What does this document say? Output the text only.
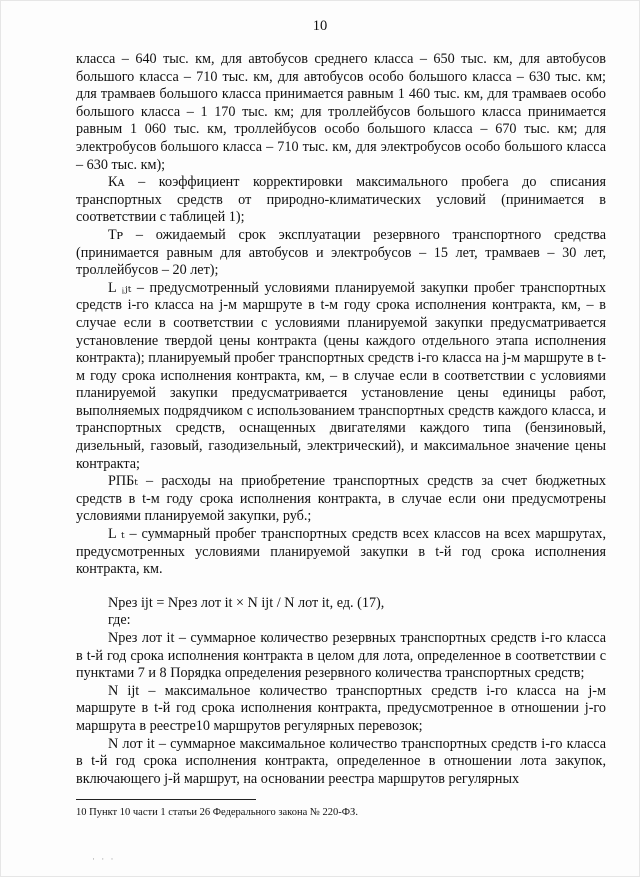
10

класса – 640 тыс. км, для автобусов среднего класса – 650 тыс. км, для автобусов большого класса – 710 тыс. км, для автобусов особо большого класса – 630 тыс. км; для трамваев большого класса принимается равным 1 460 тыс. км, для трамваев особо большого класса – 1 170 тыс. км; для троллейбусов большого класса принимается равным 1 060 тыс. км, троллейбусов особо большого класса – 670 тыс. км; для электробусов большого класса – 710 тыс. км, для электробусов особо большого класса – 630 тыс. км);

Кᴀ – коэффициент корректировки максимального пробега до списания транспортных средств от природно-климатических условий (принимается в соответствии с таблицей 1);

Tᴘ – ожидаемый срок эксплуатации резервного транспортного средства (принимается равным для автобусов и электробусов – 15 лет, трамваев – 30 лет, троллейбусов – 20 лет);

L ᵢⱼₜ – предусмотренный условиями планируемой закупки пробег транспортных средств i-го класса на j-м маршруте в t-м году срока исполнения контракта, км, – в случае если в соответствии с условиями планируемой закупки предусматривается установление твердой цены контракта (цены каждого отдельного этапа исполнения контракта); планируемый пробег транспортных средств i-го класса на j-м маршруте в t-м году срока исполнения контракта, км, – в случае если в соответствии с условиями планируемой закупки предусматривается установление цены единицы работ, выполняемых подрядчиком с использованием транспортных средств каждого класса, и транспортных средств, оснащенных двигателями каждого типа (бензиновый, дизельный, газовый, газодизельный, электрический), и максимальное значение цены контракта;

РПБₜ – расходы на приобретение транспортных средств за счет бюджетных средств в t-м году срока исполнения контракта, в случае если они предусмотрены условиями планируемой закупки, руб.;

L ₜ – суммарный пробег транспортных средств всех классов на всех маршрутах, предусмотренных условиями планируемой закупки в t-й год срока исполнения контракта, км.

Nрез ijt = Nрез лот it × N ijt / N лот it, ед. (17),

где:

Nрез лот it – суммарное количество резервных транспортных средств i-го класса в t-й год срока исполнения контракта в целом для лота, определенное в соответствии с пунктами 7 и 8 Порядка определения резервного количества транспортных средств;

N ijt – максимальное количество транспортных средств i-го класса на j-м маршруте в t-й год срока исполнения контракта, предусмотренное в отношении j-го маршрута в реестре10 маршрутов регулярных перевозок;

N лот it – суммарное максимальное количество транспортных средств i-го класса в t-й год срока исполнения контракта, определенное в отношении лота закупок, включающего j-й маршрут, на основании реестра маршрутов регулярных

10 Пункт 10 части 1 статьи 26 Федерального закона № 220-ФЗ.
· · ·
